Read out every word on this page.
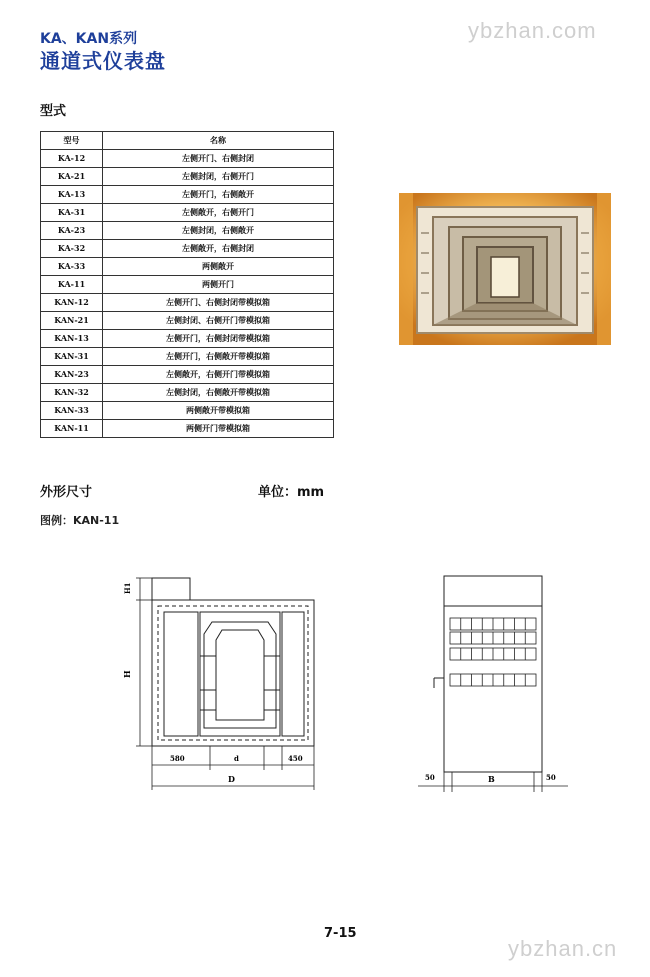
ybzhan.com
KA、KAN系列
通道式仪表盘
型式
型号	名称
KA-12	左侧开门、右侧封闭
KA-21	左侧封闭，右侧开门
KA-13	左侧开门，右侧敞开
KA-31	左侧敞开，右侧开门
KA-23	左侧封闭，右侧敞开
KA-32	左侧敞开，右侧封闭
KA-33	两侧敞开
KA-11	两侧开门
KAN-12	左侧开门、右侧封闭带模拟箱
KAN-21	左侧封闭、右侧开门带模拟箱
KAN-13	左侧开门，右侧封闭带模拟箱
KAN-31	左侧开门，右侧敞开带模拟箱
KAN-23	左侧敞开，右侧开门带模拟箱
KAN-32	左侧封闭，右侧敞开带模拟箱
KAN-33	两侧敞开带模拟箱
KAN-11	两侧开门带模拟箱
外形尺寸	单位：mm
图例：KAN-11
H1
H
580	d	450
D	50	B	50
7-15
ybzhan.cn
